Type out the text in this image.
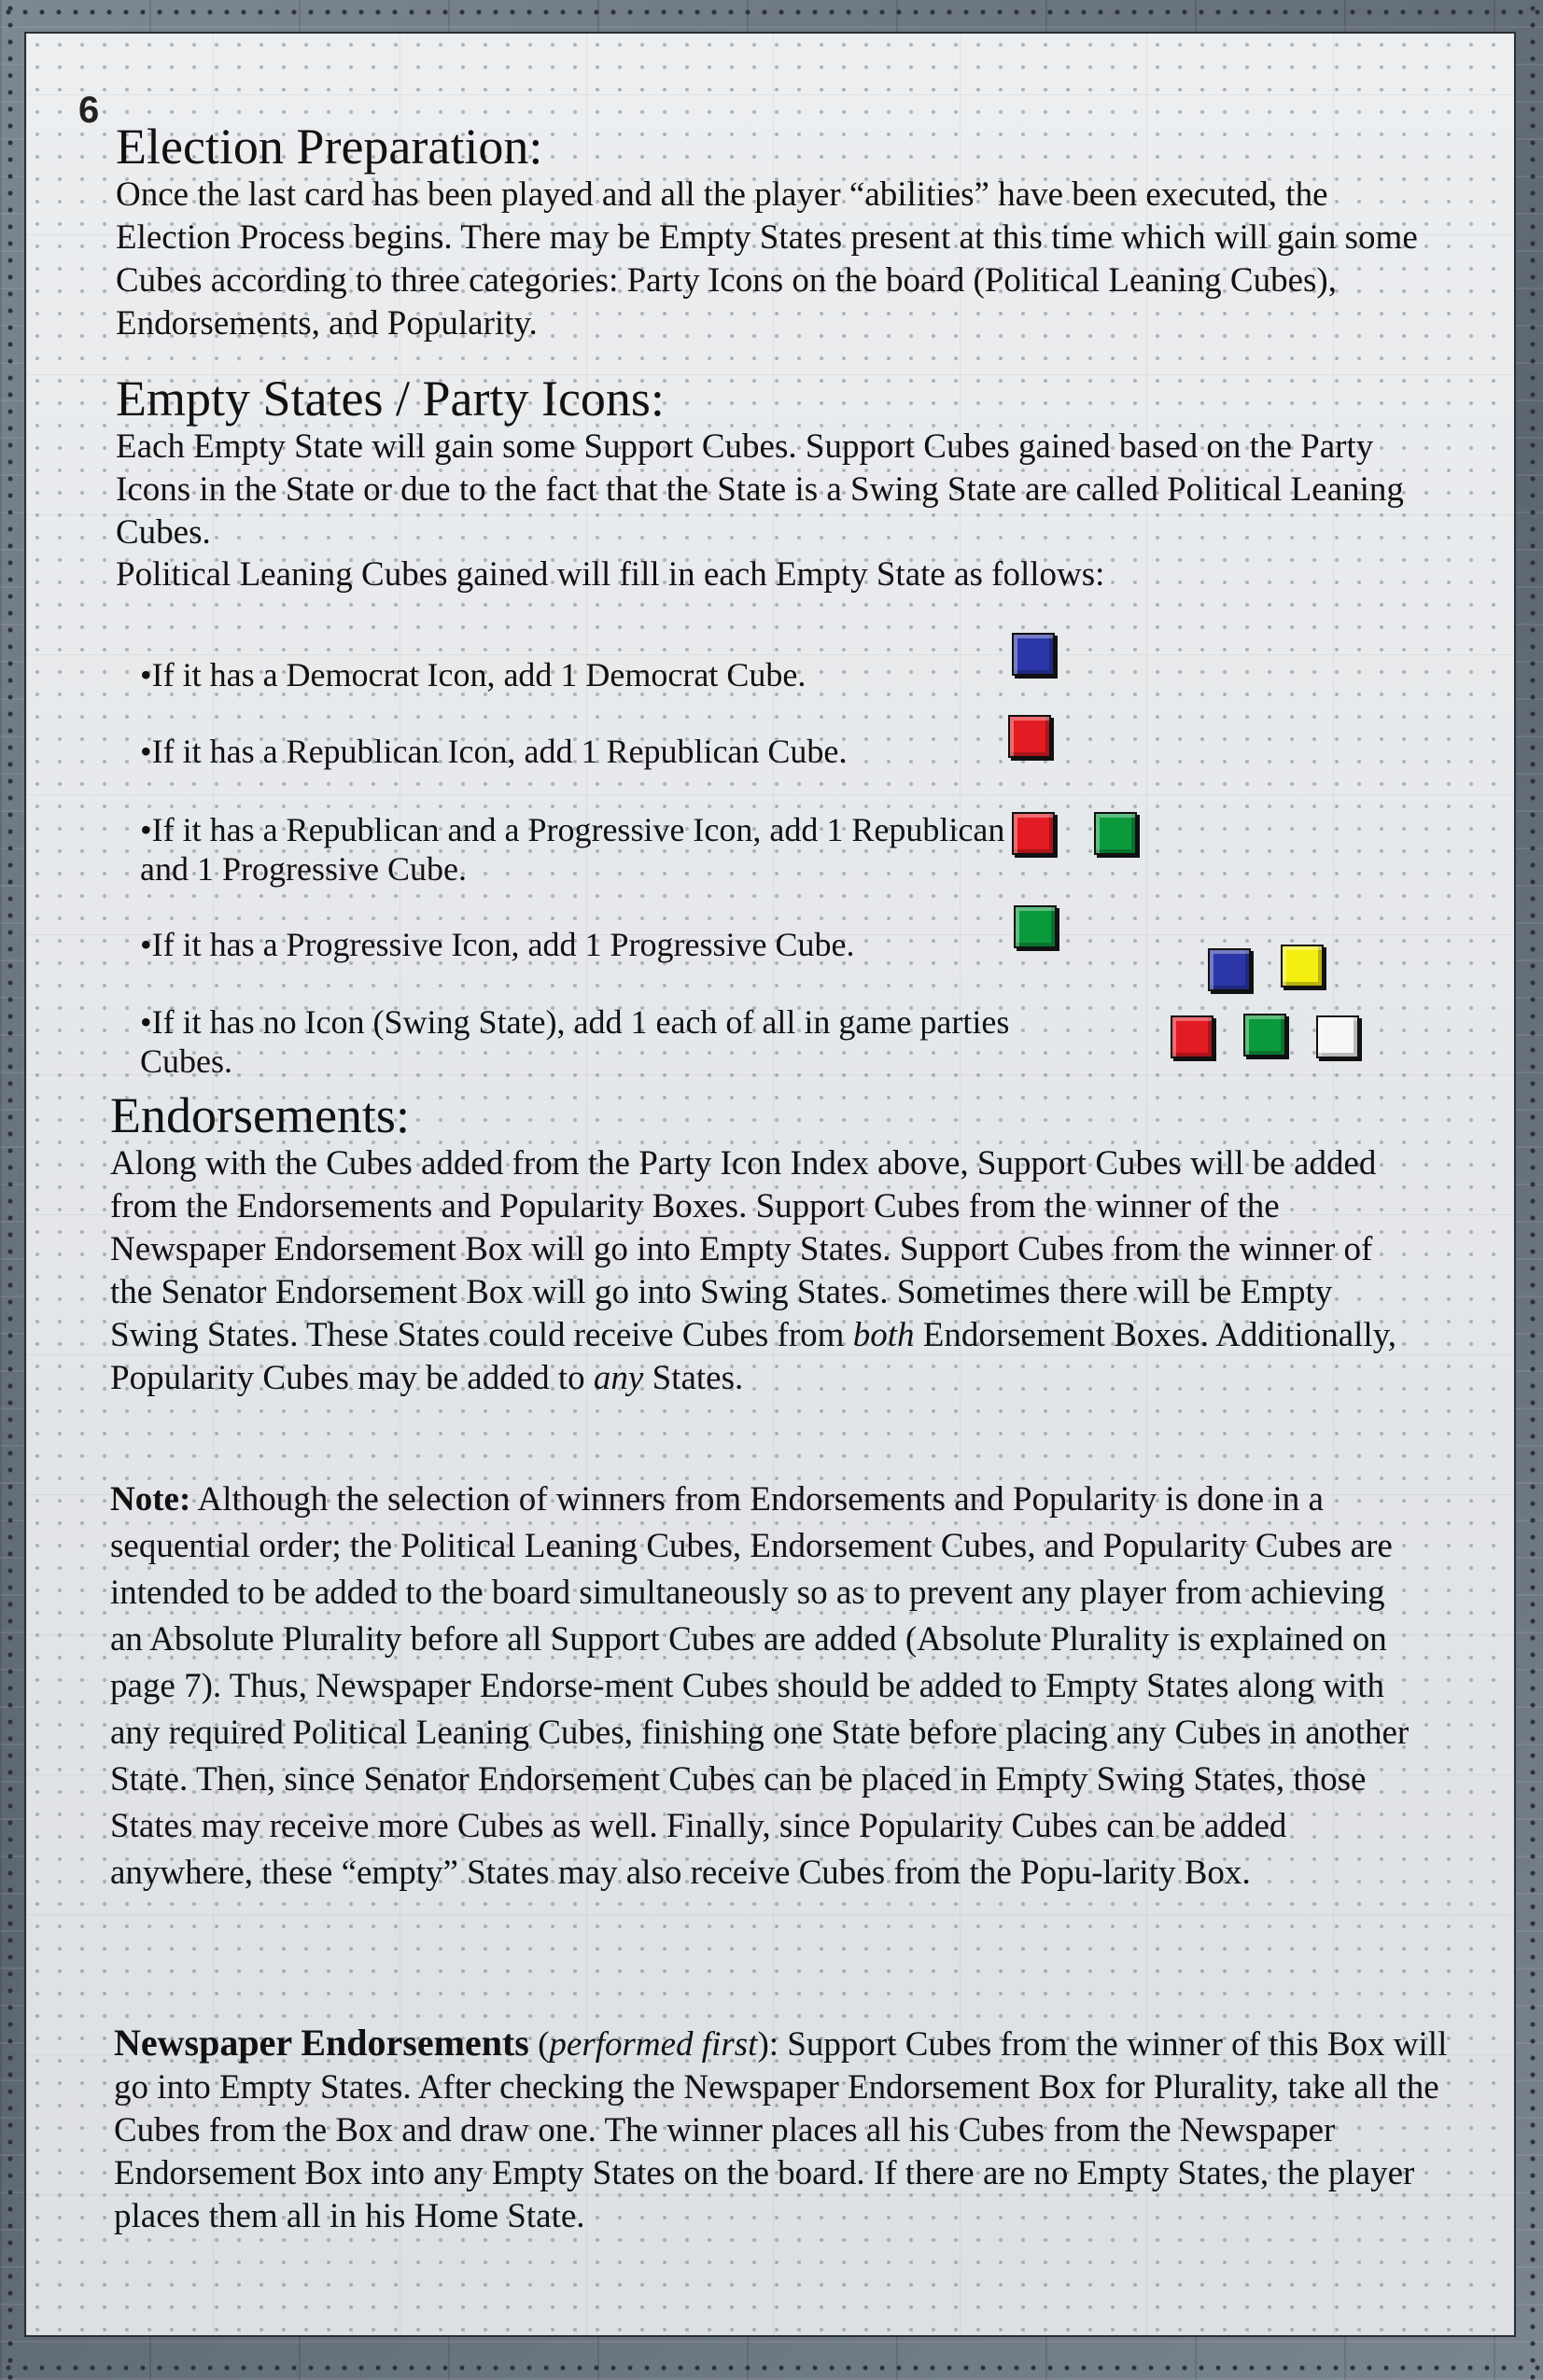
6
Election Preparation:

Once the last card has been played and all the player “abilities” have been executed, the Election Process begins. There may be Empty States present at this time which will gain some Cubes according to three categories: Party Icons on the board (Political Leaning Cubes), Endorsements, and Popularity.

Empty States / Party Icons:

Each Empty State will gain some Support Cubes. Support Cubes gained based on the Party Icons in the State or due to the fact that the State is a Swing State are called Political Leaning Cubes.

Political Leaning Cubes gained will fill in each Empty State as follows:

•If it has a Democrat Icon, add 1 Democrat Cube.

•If it has a Republican Icon, add 1 Republican Cube.

•If it has a Republican and a Progressive Icon, add 1 Republican and 1 Progressive Cube.

•If it has a Progressive Icon, add 1 Progressive Cube.

•If it has no Icon (Swing State), add 1 each of all in game parties Cubes.

Endorsements:

Along with the Cubes added from the Party Icon Index above, Support Cubes will be added from the Endorsements and Popularity Boxes. Support Cubes from the winner of the Newspaper Endorsement Box will go into Empty States. Support Cubes from the winner of the Senator Endorsement Box will go into Swing States. Sometimes there will be Empty Swing States. These States could receive Cubes from both Endorsement Boxes. Additionally, Popularity Cubes may be added to any States.

Note: Although the selection of winners from Endorsements and Popularity is done in a sequential order; the Political Leaning Cubes, Endorsement Cubes, and Popularity Cubes are intended to be added to the board simultaneously so as to prevent any player from achieving an Absolute Plurality before all Support Cubes are added (Absolute Plurality is explained on page 7). Thus, Newspaper Endorse-ment Cubes should be added to Empty States along with any required Political Leaning Cubes, finishing one State before placing any Cubes in another State. Then, since Senator Endorsement Cubes can be placed in Empty Swing States, those States may receive more Cubes as well. Finally, since Popularity Cubes can be added anywhere, these “empty” States may also receive Cubes from the Popu-larity Box.

Newspaper Endorsements (performed first): Support Cubes from the winner of this Box will go into Empty States. After checking the Newspaper Endorsement Box for Plurality, take all the Cubes from the Box and draw one. The winner places all his Cubes from the Newspaper Endorsement Box into any Empty States on the board. If there are no Empty States, the player places them all in his Home State.
